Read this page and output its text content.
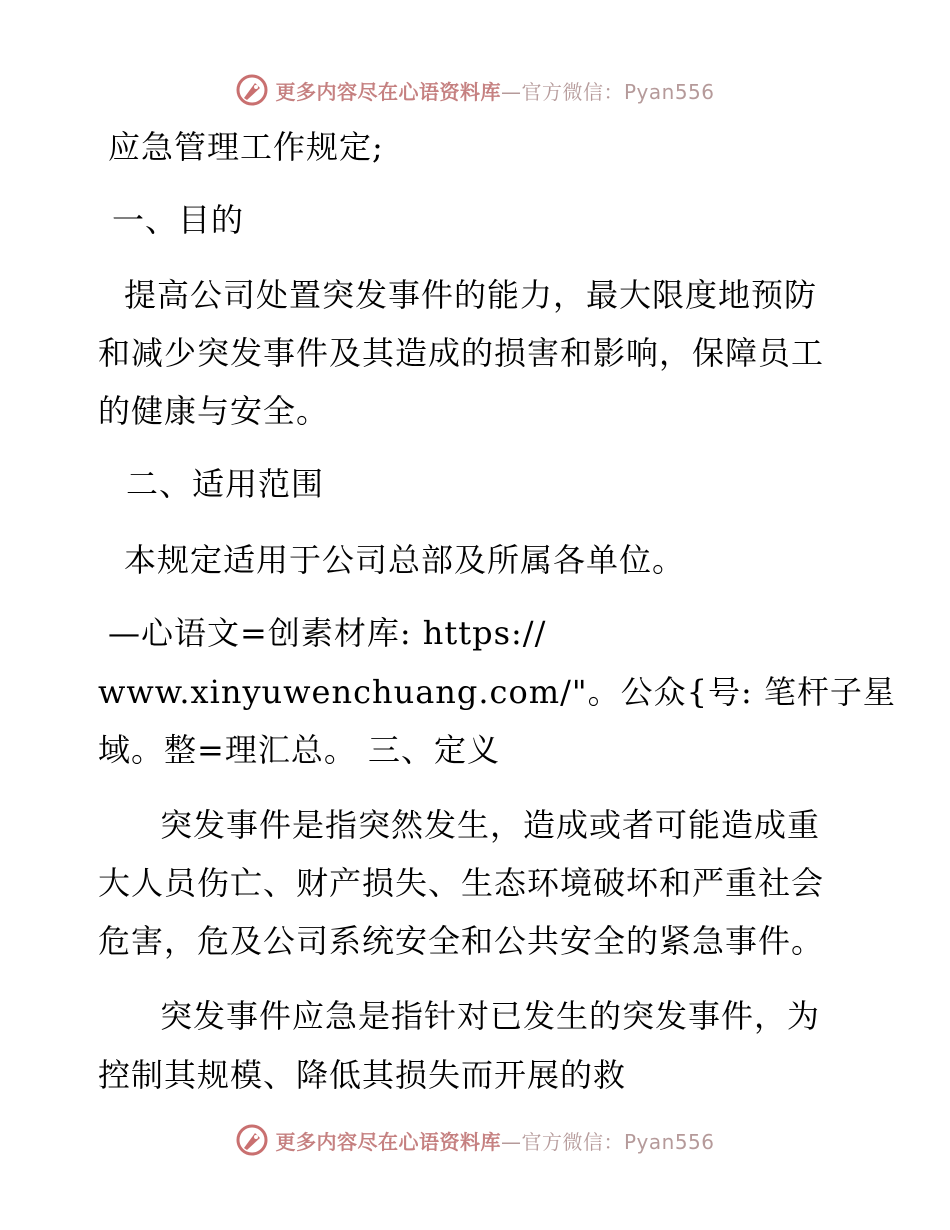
更多内容尽在心语资料库—官方微信：Pyan556
应急管理工作规定;
一、目的
提高公司处置突发事件的能力，最大限度地预防
和减少突发事件及其造成的损害和影响，保障员工
的健康与安全。
二、适用范围
本规定适用于公司总部及所属各单位。
—心语文=创素材库: https://
www.xinyuwenchuang.com/"。公众{号: 笔杆子星
域。整=理汇总。 三、定义
突发事件是指突然发生，造成或者可能造成重
大人员伤亡、财产损失、生态环境破坏和严重社会
危害，危及公司系统安全和公共安全的紧急事件。
突发事件应急是指针对已发生的突发事件，为
控制其规模、降低其损失而开展的救
更多内容尽在心语资料库—官方微信：Pyan556
